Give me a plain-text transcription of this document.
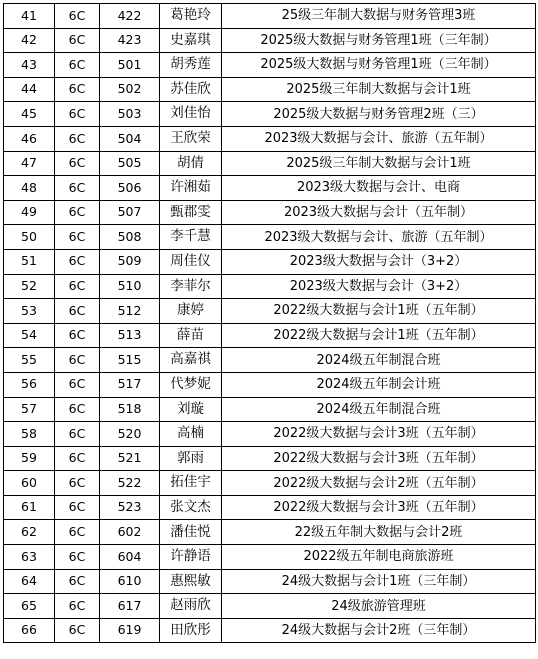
41	6C	422	葛艳玲	25级三年制大数据与财务管理3班
42	6C	423	史嘉琪	2025级大数据与财务管理1班（三年制）
43	6C	501	胡秀莲	2025级大数据与财务管理1班（三年制）
44	6C	502	苏佳欣	2025级三年制大数据与会计1班
45	6C	503	刘佳怡	2025级大数据与财务管理2班（三）
46	6C	504	王欣荣	2023级大数据与会计、旅游（五年制）
47	6C	505	胡倩	2025级三年制大数据与会计1班
48	6C	506	许湘茹	2023级大数据与会计、电商
49	6C	507	甄郡雯	2023级大数据与会计（五年制）
50	6C	508	李千慧	2023级大数据与会计、旅游（五年制）
51	6C	509	周佳仪	2023级大数据与会计（3+2）
52	6C	510	李菲尔	2023级大数据与会计（3+2）
53	6C	512	康婷	2022级大数据与会计1班（五年制）
54	6C	513	薛苗	2022级大数据与会计1班（五年制）
55	6C	515	高嘉祺	2024级五年制混合班
56	6C	517	代梦妮	2024级五年制会计班
57	6C	518	刘璇	2024级五年制混合班
58	6C	520	高楠	2022级大数据与会计3班（五年制）
59	6C	521	郭雨	2022级大数据与会计3班（五年制）
60	6C	522	拓佳宇	2022级大数据与会计2班（五年制）
61	6C	523	张文杰	2022级大数据与会计3班（五年制）
62	6C	602	潘佳悦	22级五年制大数据与会计2班
63	6C	604	许静语	2022级五年制电商旅游班
64	6C	610	惠熙敏	24级大数据与会计1班（三年制）
65	6C	617	赵雨欣	24级旅游管理班
66	6C	619	田欣彤	24级大数据与会计2班（三年制）
